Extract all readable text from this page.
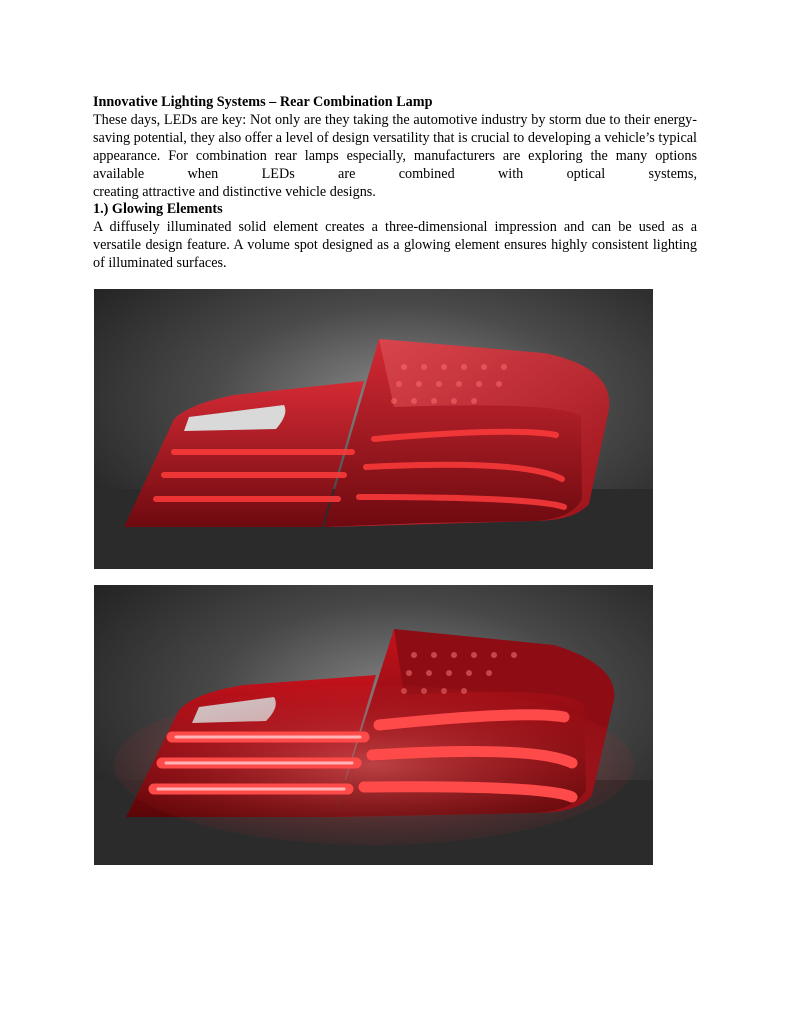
Innovative Lighting Systems – Rear Combination Lamp

These days, LEDs are key: Not only are they taking the automotive industry by storm due to their energy-saving potential, they also offer a level of design versatility that is crucial to developing a vehicle’s typical appearance. For combination rear lamps especially, manufacturers are exploring the many options available when LEDs are combined with optical systems,
creating attractive and distinctive vehicle designs.

1.) Glowing Elements

A diffusely illuminated solid element creates a three-dimensional impression and can be used as a versatile design feature. A volume spot designed as a glowing element ensures highly consistent lighting of illuminated surfaces.
